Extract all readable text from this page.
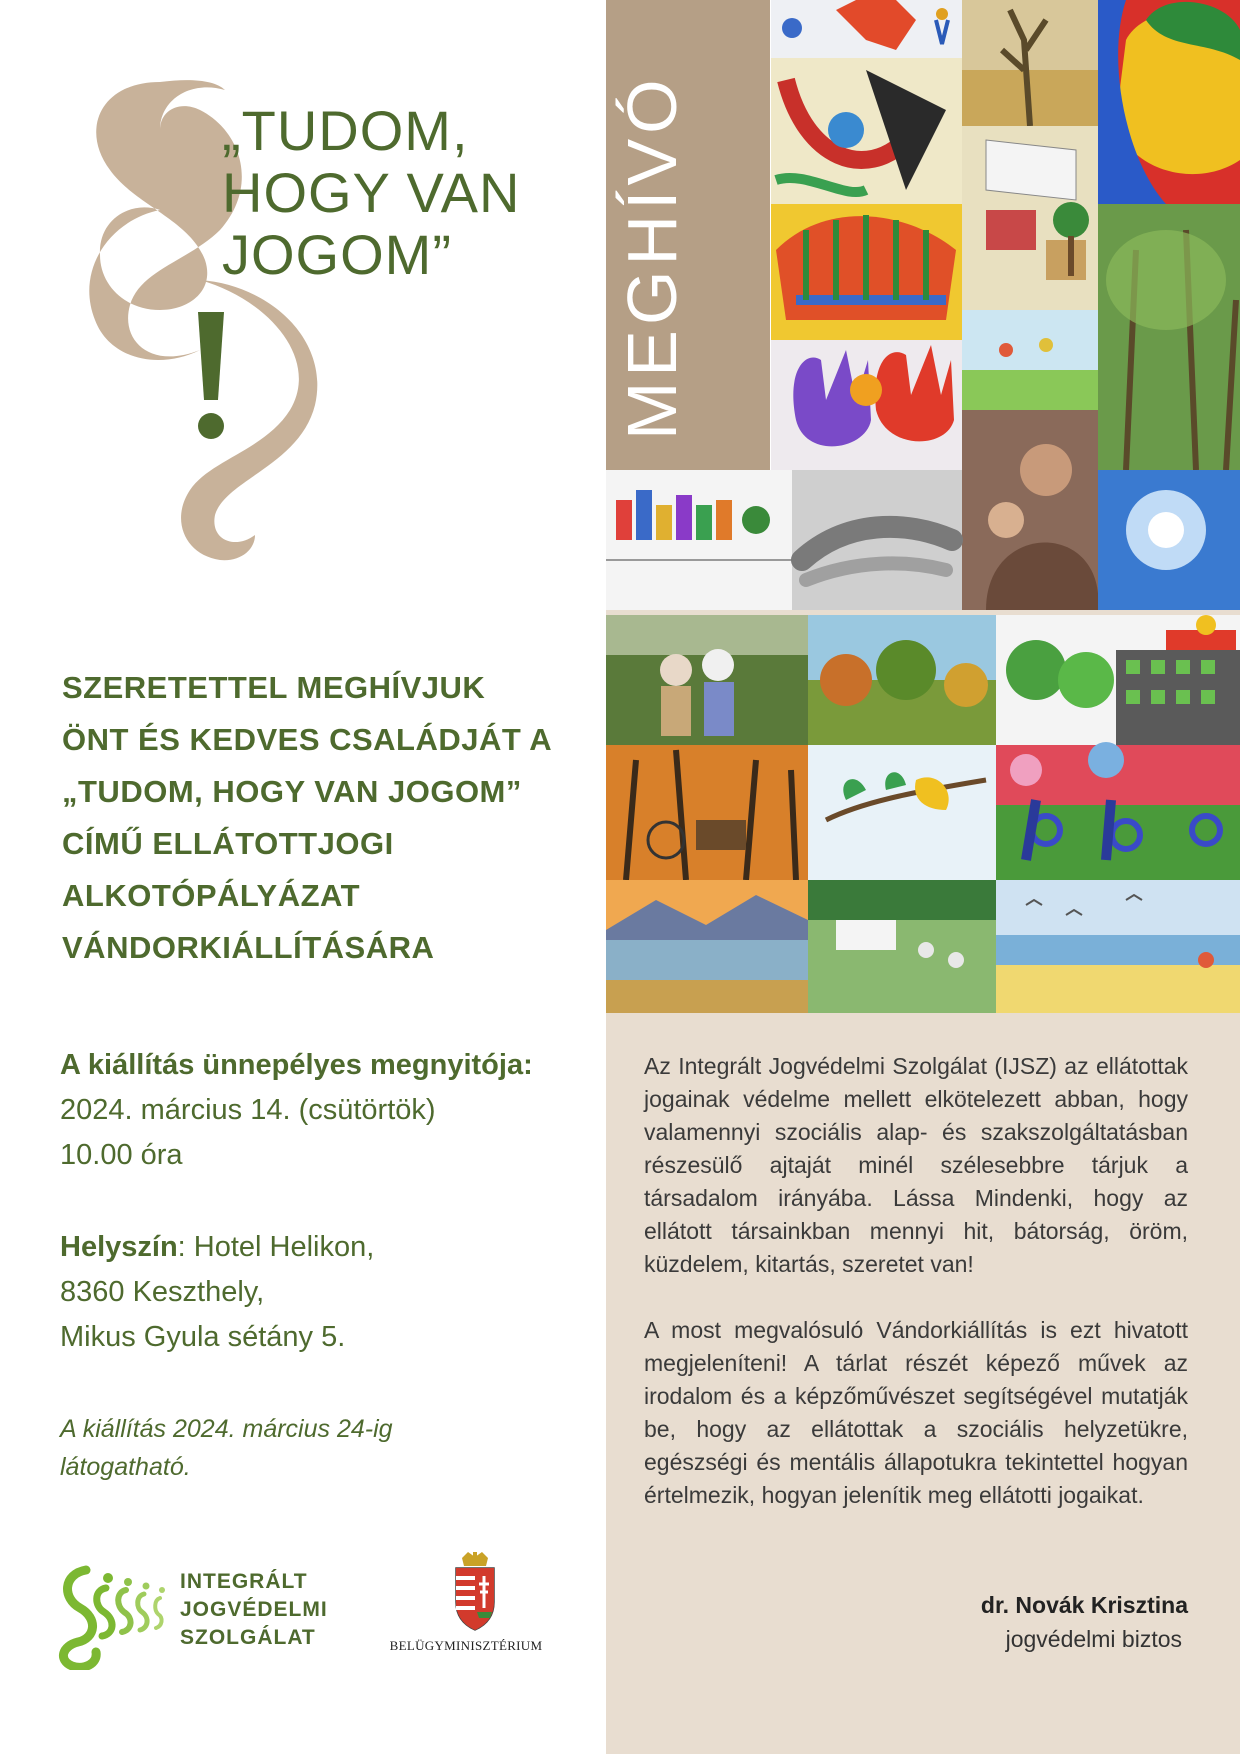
„TUDOM,
HOGY VAN
JOGOM”
SZERETETTEL MEGHÍVJUK
ÖNT ÉS KEDVES CSALÁDJÁT A
„TUDOM, HOGY VAN JOGOM”
CÍMŰ ELLÁTOTTJOGI
ALKOTÓPÁLYÁZAT
VÁNDORKIÁLLÍTÁSÁRA
A kiállítás ünnepélyes megnyitója:
2024. március 14. (csütörtök)
10.00 óra
Helyszín: Hotel Helikon,
8360 Keszthely,
Mikus Gyula sétány 5.
A kiállítás 2024. március 24-ig
látogatható.
INTEGRÁLT
JOGVÉDELMI
SZOLGÁLAT	BELÜGYMINISZTÉRIUM
MEGHÍVÓ

Az Integrált Jogvédelmi Szolgálat (IJSZ) az ellátottak jogainak védelme mellett elkötelezett abban, hogy valamennyi szociális alap- és szakszolgáltatásban részesülő ajtaját minél szélesebbre tárjuk a társadalom irányába. Lássa Mindenki, hogy az ellátott társainkban mennyi hit, bátorság, öröm, küzdelem, kitartás, szeretet van!

A most megvalósuló Vándorkiállítás is ezt hivatott megjeleníteni! A tárlat részét képező művek az irodalom és a képzőművészet segítségével mutatják be, hogy az ellátottak a szociális helyzetükre, egészségi és mentális állapotukra tekintettel hogyan értelmezik, hogyan jelenítik meg ellátotti jogaikat.

dr. Novák Krisztina
jogvédelmi biztos
